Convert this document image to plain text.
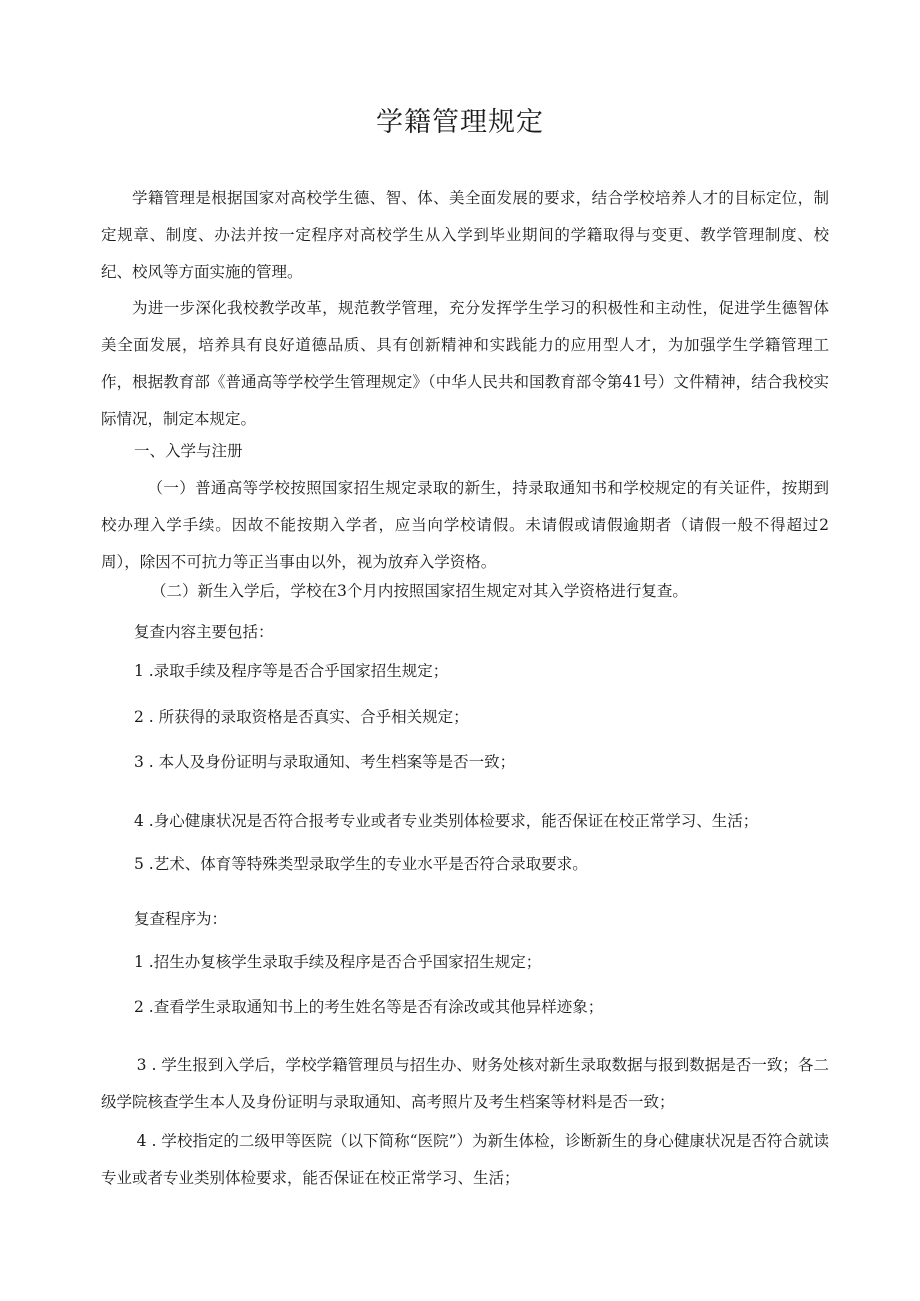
学籍管理规定
学籍管理是根据国家对高校学生德、智、体、美全面发展的要求，结合学校培养人才的目标定位，制定规章、制度、办法并按一定程序对高校学生从入学到毕业期间的学籍取得与变更、教学管理制度、校纪、校风等方面实施的管理。
为进一步深化我校教学改革，规范教学管理，充分发挥学生学习的积极性和主动性，促进学生德智体美全面发展，培养具有良好道德品质、具有创新精神和实践能力的应用型人才，为加强学生学籍管理工作，根据教育部《普通高等学校学生管理规定》（中华人民共和国教育部令第41号）文件精神，结合我校实际情况，制定本规定。
一、入学与注册
（一）普通高等学校按照国家招生规定录取的新生，持录取通知书和学校规定的有关证件，按期到校办理入学手续。因故不能按期入学者，应当向学校请假。未请假或请假逾期者（请假一般不得超过2周），除因不可抗力等正当事由以外，视为放弃入学资格。
（二）新生入学后，学校在3个月内按照国家招生规定对其入学资格进行复查。
复查内容主要包括：
1 .录取手续及程序等是否合乎国家招生规定；
2 . 所获得的录取资格是否真实、合乎相关规定；
3 . 本人及身份证明与录取通知、考生档案等是否一致；
4 .身心健康状况是否符合报考专业或者专业类别体检要求，能否保证在校正常学习、生活；
5 .艺术、体育等特殊类型录取学生的专业水平是否符合录取要求。
复查程序为：
1 .招生办复核学生录取手续及程序是否合乎国家招生规定；
2 .查看学生录取通知书上的考生姓名等是否有涂改或其他异样迹象；
3 . 学生报到入学后，学校学籍管理员与招生办、财务处核对新生录取数据与报到数据是否一致；各二级学院核查学生本人及身份证明与录取通知、高考照片及考生档案等材料是否一致；
4 . 学校指定的二级甲等医院（以下简称“医院”）为新生体检，诊断新生的身心健康状况是否符合就读专业或者专业类别体检要求，能否保证在校正常学习、生活；
